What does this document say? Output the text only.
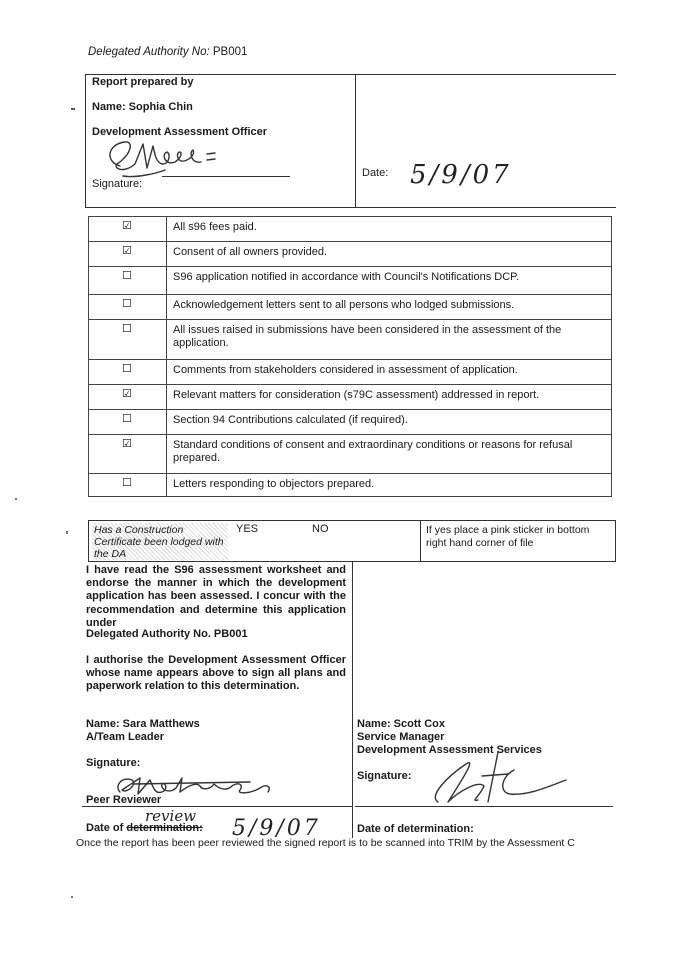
Delegated Authority No: PB001
Report prepared by
Name: Sophia Chin
Development Assessment Officer
Signature:
Date: 5/9/07
☑	All s96 fees paid.
☑	Consent of all owners provided.
☐	S96 application notified in accordance with Council's Notifications DCP.
☐	Acknowledgement letters sent to all persons who lodged submissions.
☐	All issues raised in submissions have been considered in the assessment of the application.
☐	Comments from stakeholders considered in assessment of application.
☑	Relevant matters for consideration (s79C assessment) addressed in report.
☐	Section 94 Contributions calculated (if required).
☑	Standard conditions of consent and extraordinary conditions or reasons for refusal prepared.
☐	Letters responding to objectors prepared.
Has a Construction Certificate been lodged with the DA
YES	NO	If yes place a pink sticker in bottom right hand corner of file
I have read the S96 assessment worksheet and endorse the manner in which the development application has been assessed. I concur with the recommendation and determine this application under
Delegated Authority No. PB001
I authorise the Development Assessment Officer whose name appears above to sign all plans and paperwork relation to this determination.
Name: Sara Matthews
A/Team Leader
Signature:
Peer Reviewer
Date of determination:
review 5/9/07
Name: Scott Cox
Service Manager
Development Assessment Services
Signature:
Date of determination:
Once the report has been peer reviewed the signed report is to be scanned into TRIM by the Assessment C
